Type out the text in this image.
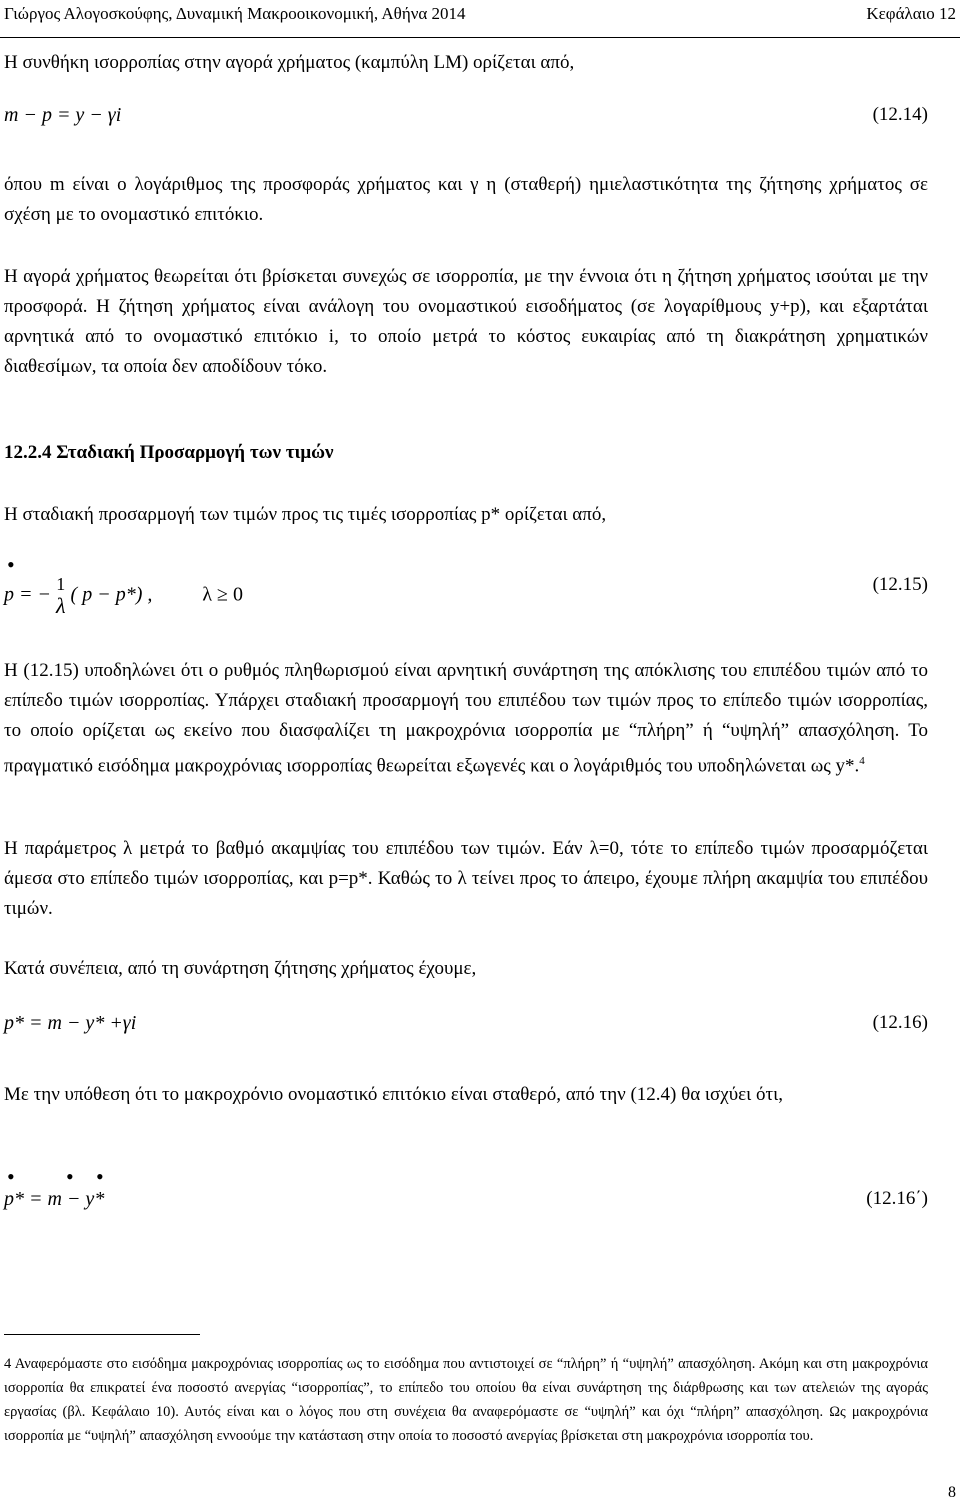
Γιώργος Αλογοσκούφης, Δυναμική Μακροοικονομική, Αθήνα 2014	Κεφάλαιο 12

Η συνθήκη ισορροπίας στην αγορά χρήματος (καμπύλη LM) ορίζεται από,

m − p = y − γi	(12.14)

όπου m είναι ο λογάριθμος της προσφοράς χρήματος και γ η (σταθερή) ημιελαστικότητα της ζήτησης χρήματος σε σχέση με το ονομαστικό επιτόκιο.

Η αγορά χρήματος θεωρείται ότι βρίσκεται συνεχώς σε ισορροπία, με την έννοια ότι η ζήτηση χρήματος ισούται με την προσφορά. Η ζήτηση χρήματος είναι ανάλογη του ονομαστικού εισοδήματος (σε λογαρίθμους y+p), και εξαρτάται αρνητικά από το ονομαστικό επιτόκιο i, το οποίο μετρά το κόστος ευκαιρίας από τη διακράτηση χρηματικών διαθεσίμων, τα οποία δεν αποδίδουν τόκο.

12.2.4 Σταδιακή Προσαρμογή των τιμών

Η σταδιακή προσαρμογή των τιμών προς τις τιμές ισορροπίας p* ορίζεται από,

•
p = − 1
λ ( p − p*) ,	λ ≥ 0	(12.15)

Η (12.15) υποδηλώνει ότι ο ρυθμός πληθωρισμού είναι αρνητική συνάρτηση της απόκλισης του επιπέδου τιμών από το επίπεδο τιμών ισορροπίας. Υπάρχει σταδιακή προσαρμογή του επιπέδου των τιμών προς το επίπεδο τιμών ισορροπίας, το οποίο ορίζεται ως εκείνο που διασφαλίζει τη μακροχρόνια ισορροπία με “πλήρη” ή “υψηλή” απασχόληση. Το πραγματικό εισόδημα μακροχρόνιας ισορροπίας θεωρείται εξωγενές και ο λογάριθμός του υποδηλώνεται ως y*.$^4$

Η παράμετρος λ μετρά το βαθμό ακαμψίας του επιπέδου των τιμών. Εάν λ=0, τότε το επίπεδο τιμών προσαρμόζεται άμεσα στο επίπεδο τιμών ισορροπίας, και p=p*. Καθώς το λ τείνει προς το άπειρο, έχουμε πλήρη ακαμψία του επιπέδου τιμών.

Κατά συνέπεια, από τη συνάρτηση ζήτησης χρήματος έχουμε,

p* = m − y* +γi	(12.16)

Με την υπόθεση ότι το μακροχρόνιο ονομαστικό επιτόκιο είναι σταθερό, από την (12.4) θα ισχύει ότι,

• • •
p* = m − y*	(12.16΄)
4 Αναφερόμαστε στο εισόδημα μακροχρόνιας ισορροπίας ως το εισόδημα που αντιστοιχεί σε “πλήρη” ή “υψηλή” απασχόληση. Ακόμη και στη μακροχρόνια ισορροπία θα επικρατεί ένα ποσοστό ανεργίας “ισορροπίας”, το επίπεδο του οποίου θα είναι συνάρτηση της διάρθρωσης και των ατελειών της αγοράς εργασίας (βλ. Κεφάλαιο 10). Αυτός είναι και ο λόγος που στη συνέχεια θα αναφερόμαστε σε “υψηλή” και όχι “πλήρη” απασχόληση. Ως μακροχρόνια ισορροπία με “υψηλή” απασχόληση εννοούμε την κατάσταση στην οποία το ποσοστό ανεργίας βρίσκεται στη μακροχρόνια ισορροπία του.
8
